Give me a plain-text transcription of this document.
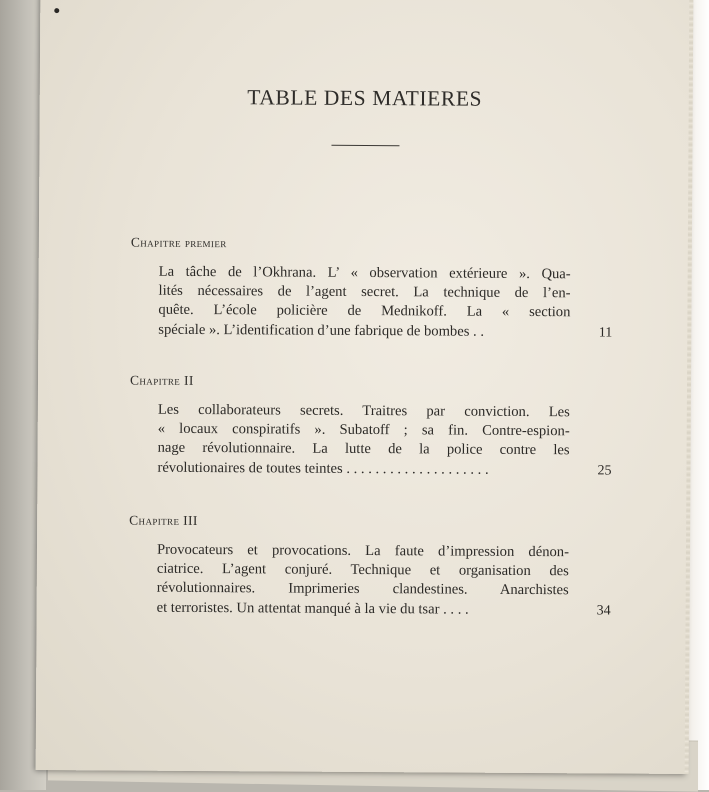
TABLE DES MATIERES
Chapitre premier
La tâche de l’Okhrana. L’ « observation extérieure ». Qua-
lités nécessaires de l’agent secret. La technique de l’en-
quête. L’école policière de Mednikoff. La « section
spéciale ». L’identification d’une fabrique de bombes . .	11
Chapitre II
Les collaborateurs secrets. Traitres par conviction. Les
« locaux conspiratifs ». Subatoff ; sa fin. Contre-espion-
nage révolutionnaire. La lutte de la police contre les
révolutionaires de toutes teintes . . . . . . . . . . . . . . . . . . . .	25
Chapitre III
Provocateurs et provocations. La faute d’impression dénon-
ciatrice. L’agent conjuré. Technique et organisation des
révolutionnaires. Imprimeries clandestines. Anarchistes
et terroristes. Un attentat manqué à la vie du tsar . . . .	34
